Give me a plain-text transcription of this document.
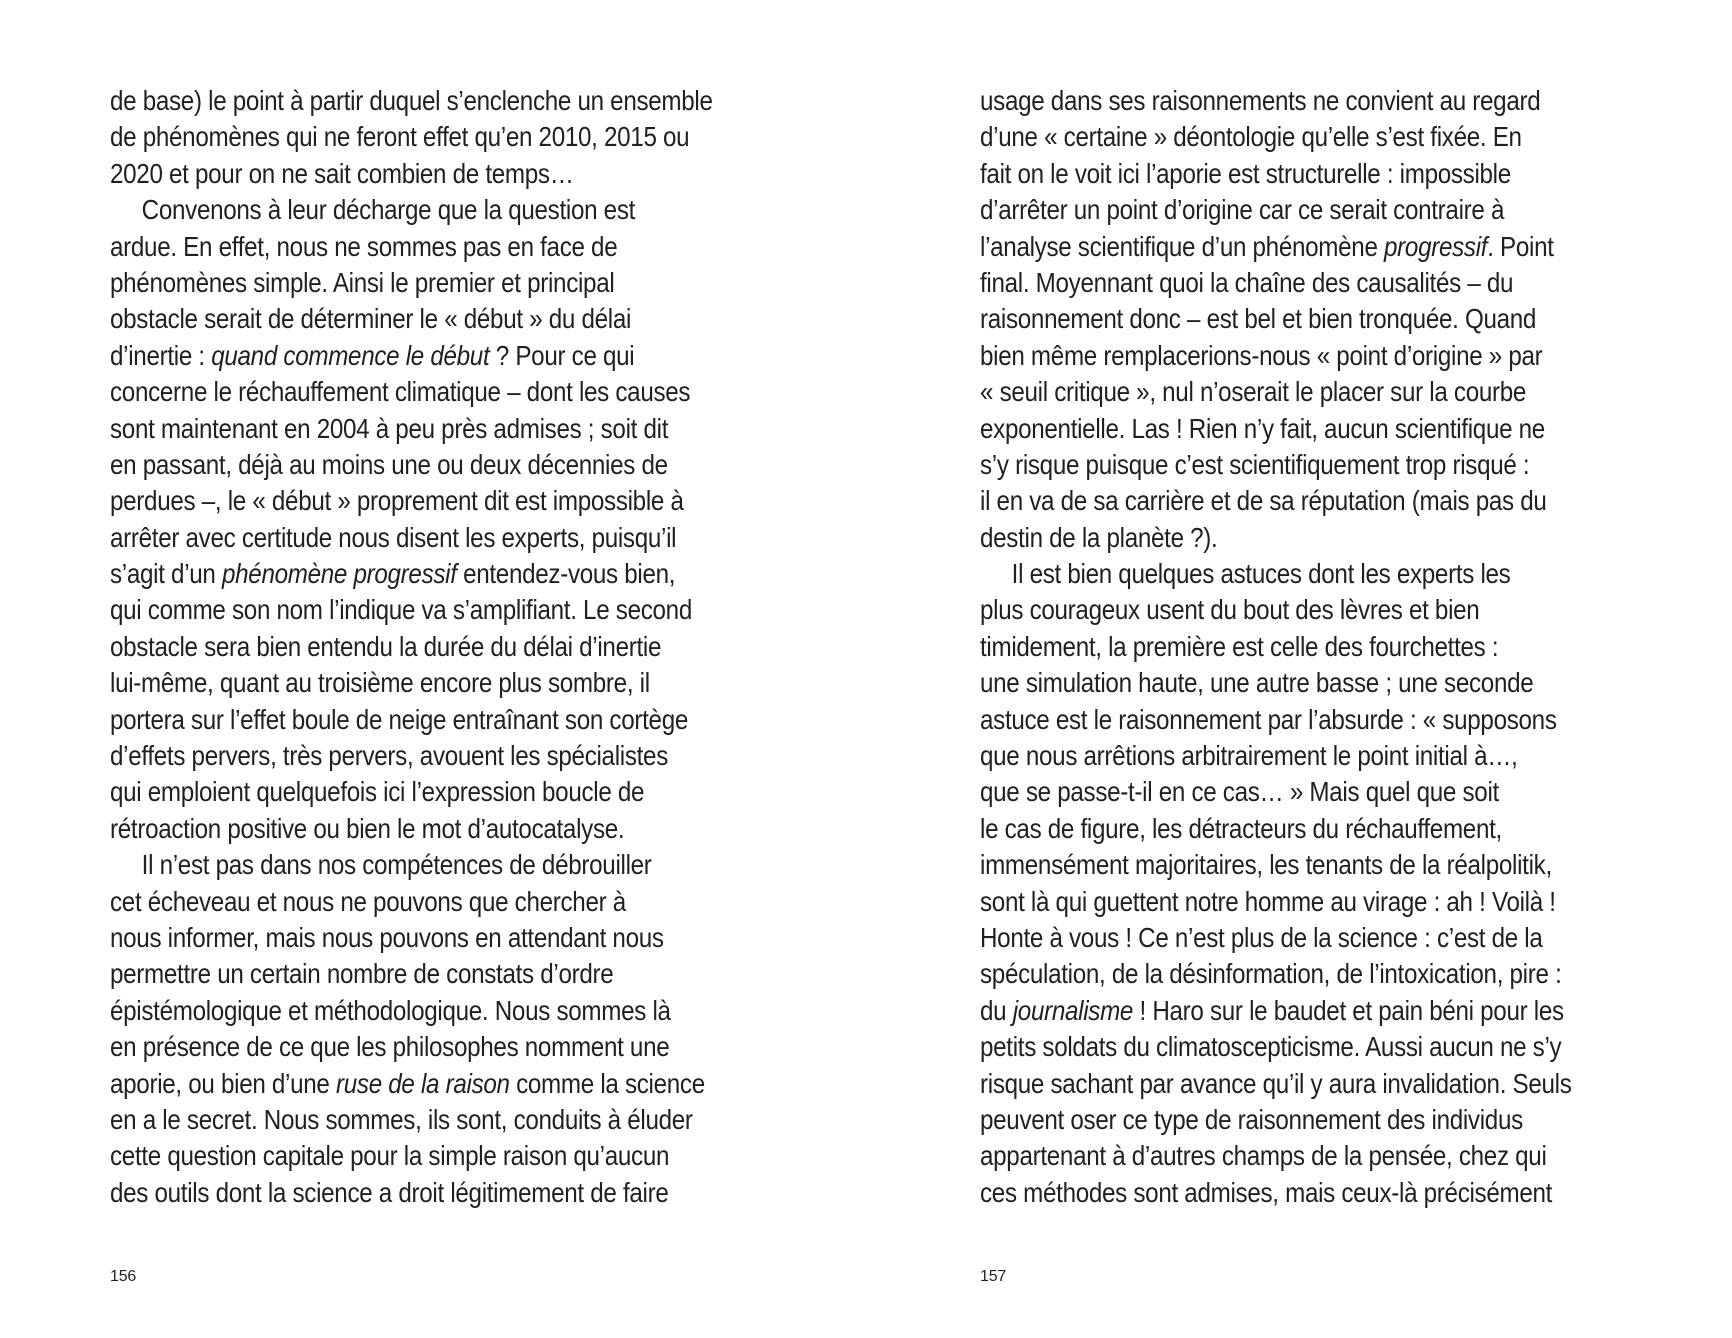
de base) le point à partir duquel s’enclenche un ensemble
de phénomènes qui ne feront effet qu’en 2010, 2015 ou
2020 et pour on ne sait combien de temps…
Convenons à leur décharge que la question est
ardue. En effet, nous ne sommes pas en face de
phénomènes simple. Ainsi le premier et principal
obstacle serait de déterminer le « début » du délai
d’inertie : quand commence le début ? Pour ce qui
concerne le réchauffement climatique – dont les causes
sont maintenant en 2004 à peu près admises ; soit dit
en passant, déjà au moins une ou deux décennies de
perdues –, le « début » proprement dit est impossible à
arrêter avec certitude nous disent les experts, puisqu’il
s’agit d’un phénomène progressif entendez-vous bien,
qui comme son nom l’indique va s’amplifiant. Le second
obstacle sera bien entendu la durée du délai d’inertie
lui-même, quant au troisième encore plus sombre, il
portera sur l’effet boule de neige entraînant son cortège
d’effets pervers, très pervers, avouent les spécialistes
qui emploient quelquefois ici l’expression boucle de
rétroaction positive ou bien le mot d’autocatalyse.
Il n’est pas dans nos compétences de débrouiller
cet écheveau et nous ne pouvons que chercher à
nous informer, mais nous pouvons en attendant nous
permettre un certain nombre de constats d’ordre
épistémologique et méthodologique. Nous sommes là
en présence de ce que les philosophes nomment une
aporie, ou bien d’une ruse de la raison comme la science
en a le secret. Nous sommes, ils sont, conduits à éluder
cette question capitale pour la simple raison qu’aucun
des outils dont la science a droit légitimement de faire
156
usage dans ses raisonnements ne convient au regard
d’une « certaine » déontologie qu’elle s’est fixée. En
fait on le voit ici l’aporie est structurelle : impossible
d’arrêter un point d’origine car ce serait contraire à
l’analyse scientifique d’un phénomène progressif. Point
final. Moyennant quoi la chaîne des causalités – du
raisonnement donc – est bel et bien tronquée. Quand
bien même remplacerions-nous « point d’origine » par
« seuil critique », nul n’oserait le placer sur la courbe
exponentielle. Las ! Rien n’y fait, aucun scientifique ne
s’y risque puisque c’est scientifiquement trop risqué :
il en va de sa carrière et de sa réputation (mais pas du
destin de la planète ?).
Il est bien quelques astuces dont les experts les
plus courageux usent du bout des lèvres et bien
timidement, la première est celle des fourchettes :
une simulation haute, une autre basse ; une seconde
astuce est le raisonnement par l’absurde : « supposons
que nous arrêtions arbitrairement le point initial à…,
que se passe-t-il en ce cas… » Mais quel que soit
le cas de figure, les détracteurs du réchauffement,
immensément majoritaires, les tenants de la réalpolitik,
sont là qui guettent notre homme au virage : ah ! Voilà !
Honte à vous ! Ce n’est plus de la science : c’est de la
spéculation, de la désinformation, de l’intoxication, pire :
du journalisme ! Haro sur le baudet et pain béni pour les
petits soldats du climatoscepticisme. Aussi aucun ne s’y
risque sachant par avance qu’il y aura invalidation. Seuls
peuvent oser ce type de raisonnement des individus
appartenant à d’autres champs de la pensée, chez qui
ces méthodes sont admises, mais ceux-là précisément
157
